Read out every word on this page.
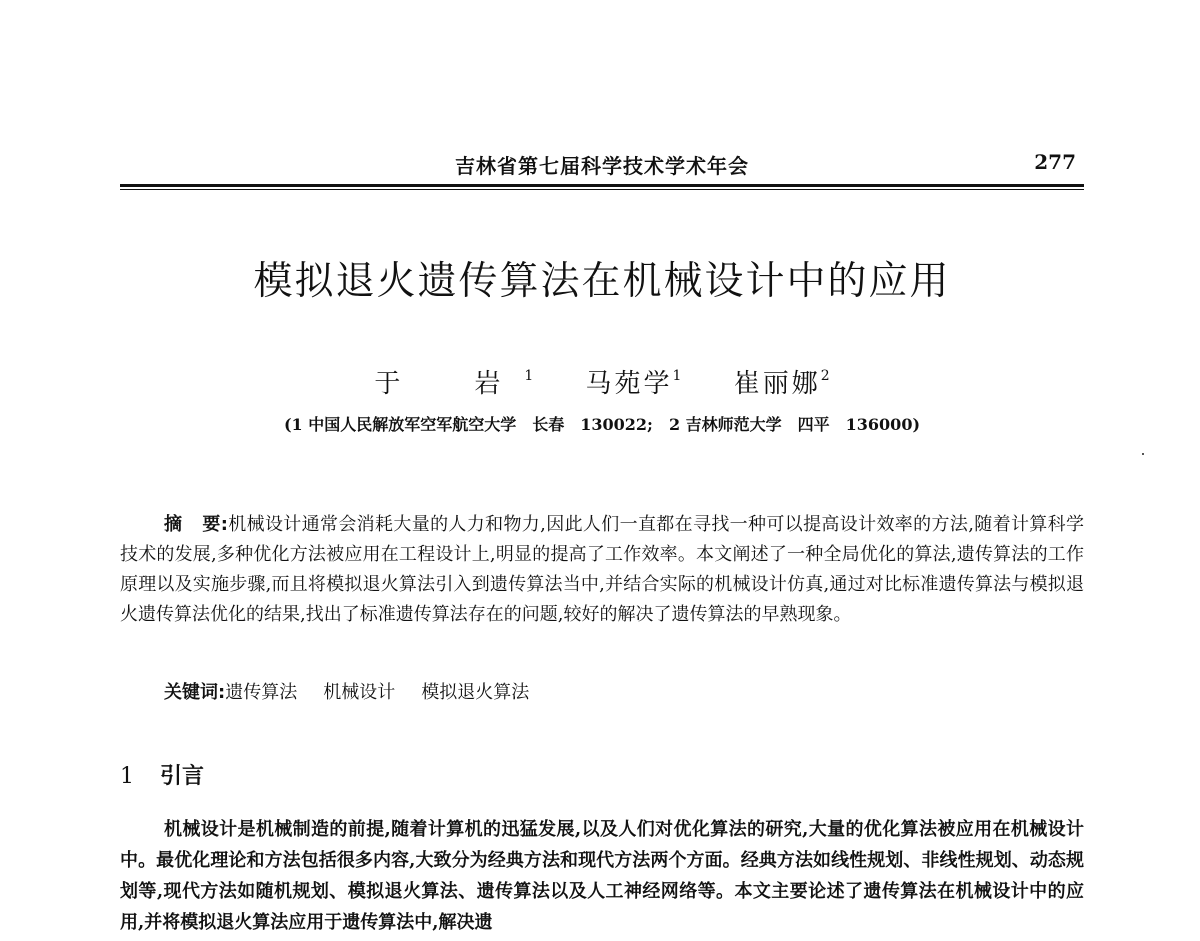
吉林省第七届科学技术学术年会	277
模拟退火遗传算法在机械设计中的应用
于　岩$^1$ 马苑学$^1$ 崔丽娜$^2$
(1 中国人民解放军空军航空大学　长春　130022;　2 吉林师范大学　四平　136000)

摘要:机械设计通常会消耗大量的人力和物力,因此人们一直都在寻找一种可以提高设计效率的方法,随着计算科学技术的发展,多种优化方法被应用在工程设计上,明显的提高了工作效率。本文阐述了一种全局优化的算法,遗传算法的工作原理以及实施步骤,而且将模拟退火算法引入到遗传算法当中,并结合实际的机械设计仿真,通过对比标准遗传算法与模拟退火遗传算法优化的结果,找出了标准遗传算法存在的问题,较好的解决了遗传算法的早熟现象。

关键词:遗传算法 机械设计 模拟退火算法
1 引言

机械设计是机械制造的前提,随着计算机的迅猛发展,以及人们对优化算法的研究,大量的优化算法被应用在机械设计中。最优化理论和方法包括很多内容,大致分为经典方法和现代方法两个方面。经典方法如线性规划、非线性规划、动态规划等,现代方法如随机规划、模拟退火算法、遗传算法以及人工神经网络等。本文主要论述了遗传算法在机械设计中的应用,并将模拟退火算法应用于遗传算法中,解决遗
